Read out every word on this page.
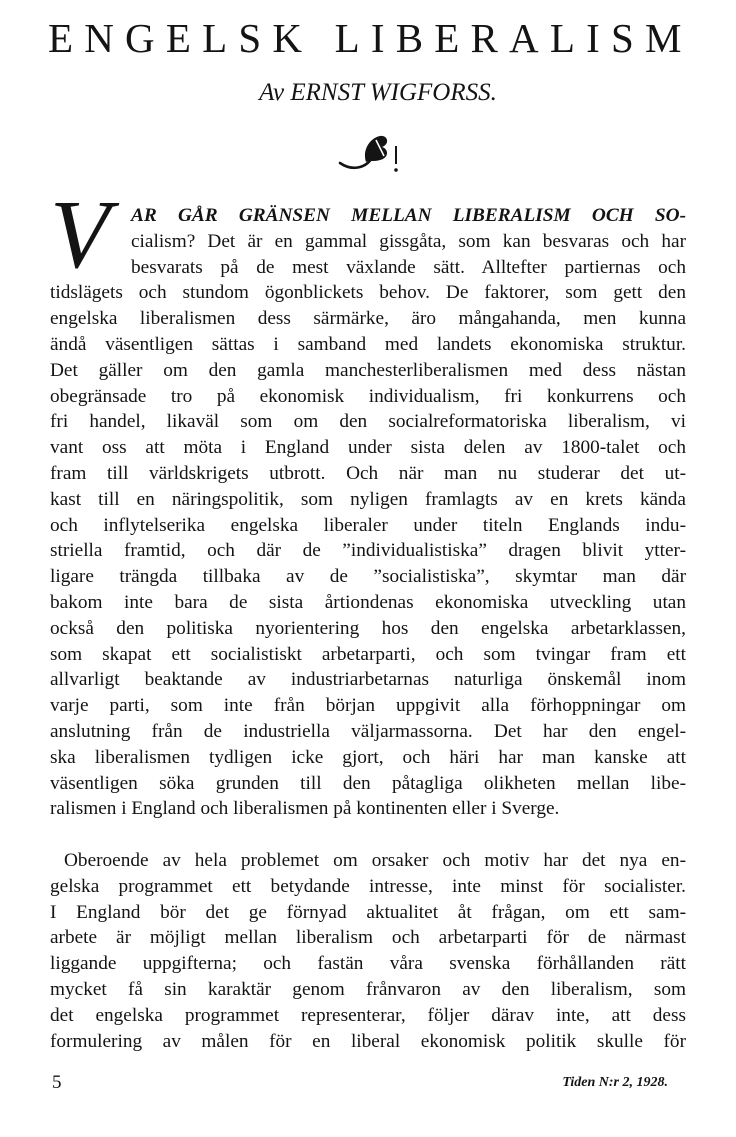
ENGELSK LIBERALISM
Av ERNST WIGFORSS.
V	AR GÅR GRÄNSEN MELLAN LIBERALISM OCH SO-
cialism? Det är en gammal gissgåta, som kan besvaras och har
besvarats på de mest växlande sätt. Alltefter partiernas och
tidslägets och stundom ögonblickets behov. De faktorer, som gett den
engelska liberalismen dess särmärke, äro mångahanda, men kunna
ändå väsentligen sättas i samband med landets ekonomiska struktur.
Det gäller om den gamla manchesterliberalismen med dess nästan
obegränsade tro på ekonomisk individualism, fri konkurrens och
fri handel, likaväl som om den socialreformatoriska liberalism, vi
vant oss att möta i England under sista delen av 1800-talet och
fram till världskrigets utbrott. Och när man nu studerar det ut-
kast till en näringspolitik, som nyligen framlagts av en krets kända
och inflytelserika engelska liberaler under titeln Englands indu-
striella framtid, och där de ”individualistiska” dragen blivit ytter-
ligare trängda tillbaka av de ”socialistiska”, skymtar man där
bakom inte bara de sista årtiondenas ekonomiska utveckling utan
också den politiska nyorientering hos den engelska arbetarklassen,
som skapat ett socialistiskt arbetarparti, och som tvingar fram ett
allvarligt beaktande av industriarbetarnas naturliga önskemål inom
varje parti, som inte från början uppgivit alla förhoppningar om
anslutning från de industriella väljarmassorna. Det har den engel-
ska liberalismen tydligen icke gjort, och häri har man kanske att
väsentligen söka grunden till den påtagliga olikheten mellan libe-
ralismen i England och liberalismen på kontinenten eller i Sverge.
Oberoende av hela problemet om orsaker och motiv har det nya en-
gelska programmet ett betydande intresse, inte minst för socialister.
I England bör det ge förnyad aktualitet åt frågan, om ett sam-
arbete är möjligt mellan liberalism och arbetarparti för de närmast
liggande uppgifterna; och fastän våra svenska förhållanden rätt
mycket få sin karaktär genom frånvaron av den liberalism, som
det engelska programmet representerar, följer därav inte, att dess
formulering av målen för en liberal ekonomisk politik skulle för
5	Tiden N:r 2, 1928.
